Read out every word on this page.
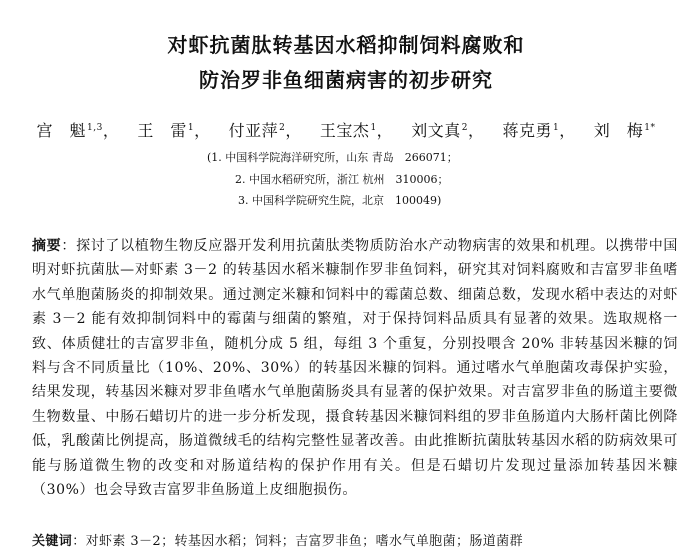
对虾抗菌肽转基因水稻抑制饲料腐败和
防治罗非鱼细菌病害的初步研究
宫　魁$^{1,3}$， 王　雷$^1$， 付亚萍$^2$， 王宝杰$^1$， 刘文真$^2$， 蒋克勇$^1$， 刘　梅$^{1*}$
(1. 中国科学院海洋研究所，山东 青岛　266071；
2. 中国水稻研究所，浙江 杭州　310006；
3. 中国科学院研究生院，北京　100049)
摘要：探讨了以植物生物反应器开发利用抗菌肽类物质防治水产动物病害的效果和机理。以携带中国明对虾抗菌肽—对虾素 3－2 的转基因水稻米糠制作罗非鱼饲料，研究其对饲料腐败和吉富罗非鱼嗜水气单胞菌肠炎的抑制效果。通过测定米糠和饲料中的霉菌总数、细菌总数，发现水稻中表达的对虾素 3－2 能有效抑制饲料中的霉菌与细菌的繁殖，对于保持饲料品质具有显著的效果。选取规格一致、体质健壮的吉富罗非鱼，随机分成 5 组，每组 3 个重复，分别投喂含 20% 非转基因米糠的饲料与含不同质量比（10%、20%、30%）的转基因米糠的饲料。通过嗜水气单胞菌攻毒保护实验，结果发现，转基因米糠对罗非鱼嗜水气单胞菌肠炎具有显著的保护效果。对吉富罗非鱼的肠道主要微生物数量、中肠石蜡切片的进一步分析发现，摄食转基因米糠饲料组的罗非鱼肠道内大肠杆菌比例降低，乳酸菌比例提高，肠道微绒毛的结构完整性显著改善。由此推断抗菌肽转基因水稻的防病效果可能与肠道微生物的改变和对肠道结构的保护作用有关。但是石蜡切片发现过量添加转基因米糠（30%）也会导致吉富罗非鱼肠道上皮细胞损伤。
关键词：对虾素 3－2；转基因水稻；饲料；吉富罗非鱼；嗜水气单胞菌；肠道菌群
